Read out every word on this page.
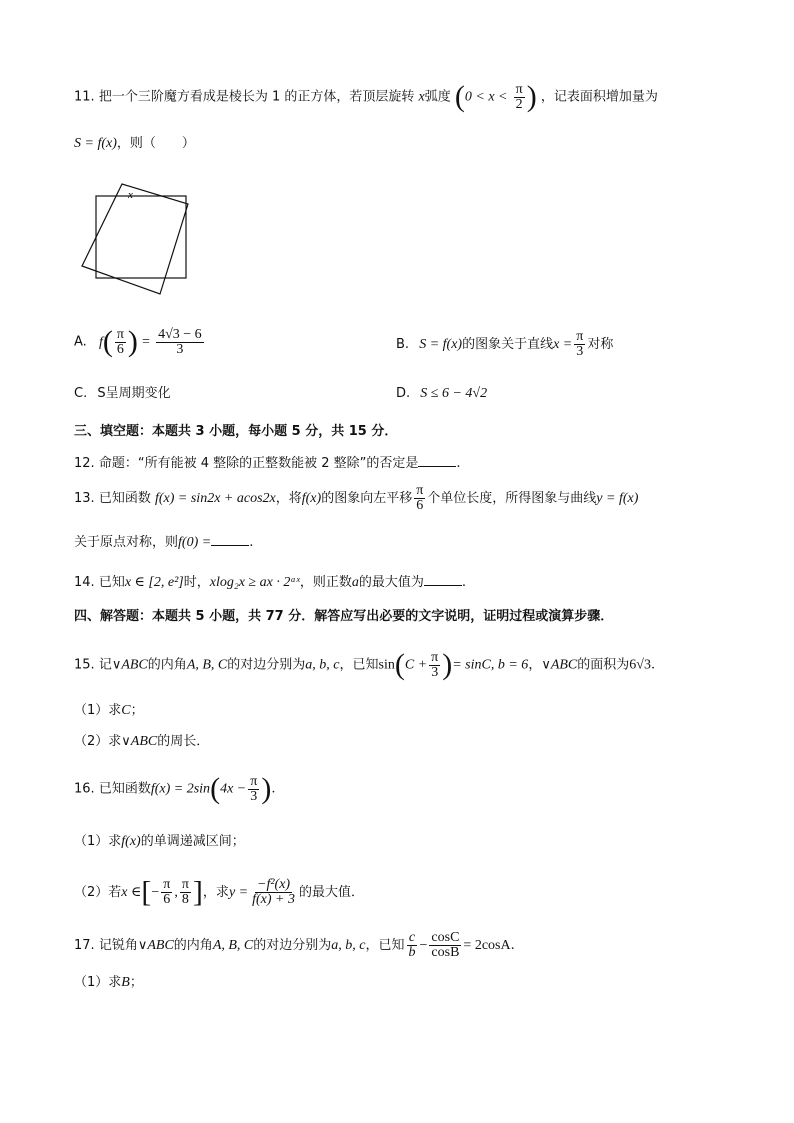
11. 把一个三阶魔方看成是棱长为 1 的正方体，若顶层旋转 x弧度 ($0 < x < \frac{\pi}{2}$ ) ，记表面积增加量为
S = f(x)，则（　　）
x
A. $f( \frac{\pi}{6}$ ) = $\frac{4√3 - 6}{3}$	B. S = f(x)的图象关于直线$x = \frac{\pi}{3}$ 对称
C. S呈周期变化	D. S ≤ 6 − 4√2
三、填空题：本题共 3 小题，每小题 5 分，共 15 分．
12. 命题：“所有能被 4 整除的正整数能被 2 整除”的否定是	.
13. 已知函数 f(x) = sin2x + acos2x，将f(x)的图象向左平移 $\frac{\pi}{6}$ 个单位长度，所得图象与曲线y = f(x)
关于原点对称，则f(0) =	.
14. 已知x ∈ [2, e²]时，xlog₂x ≥ ax · 2ᵃˣ，则正数a的最大值为	.
四、解答题：本题共 5 小题，共 77 分．解答应写出必要的文字说明，证明过程或演算步骤．
15. 记∨ABC的内角A, B, C的对边分别为a, b, c，已知$\sin(C + \frac{\pi}{3}$ )= sinC, b = 6，∨ABC的面积为6√3.
（1）求C；
（2）求∨ABC的周长．
16. 已知函数$f(x) = 2\sin(4x - \frac{\pi}{3}$ ).
（1）求f(x)的单调递减区间；
（2）若x ∈[− $\frac{\pi}{6}$ , $\frac{\pi}{8}$ ]，求$y = \frac{\text{−f²(x)}}{f(x) + 3}$ 的最大值．
17. 记锐角∨ABC的内角A, B, C的对边分别为a, b, c，已知 $\frac{c}{b} - \frac{\cos C}{\cos B} = 2\cos A$.
（1）求B；
